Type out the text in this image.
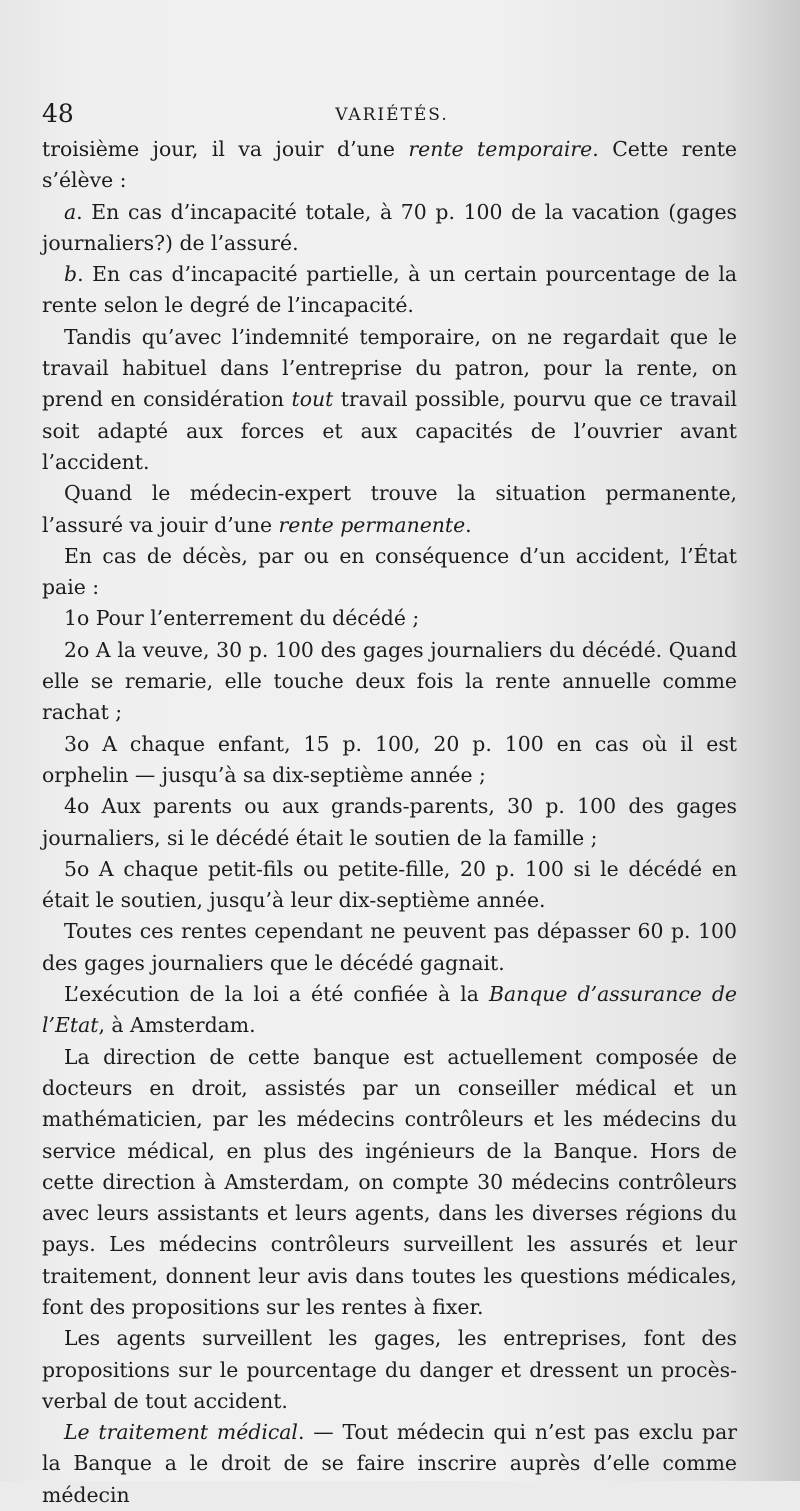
48	VARIÉTÉS.

troisième jour, il va jouir d’une rente temporaire. Cette rente s’élève :

a. En cas d’incapacité totale, à 70 p. 100 de la vacation (gages journaliers?) de l’assuré.

b. En cas d’incapacité partielle, à un certain pourcentage de la rente selon le degré de l’incapacité.

Tandis qu’avec l’indemnité temporaire, on ne regardait que le travail habituel dans l’entreprise du patron, pour la rente, on prend en considération tout travail possible, pourvu que ce travail soit adapté aux forces et aux capacités de l’ouvrier avant l’accident.

Quand le médecin-expert trouve la situation permanente, l’assuré va jouir d’une rente permanente.

En cas de décès, par ou en conséquence d’un accident, l’État paie :

1o Pour l’enterrement du décédé ;

2o A la veuve, 30 p. 100 des gages journaliers du décédé. Quand elle se remarie, elle touche deux fois la rente annuelle comme rachat ;

3o A chaque enfant, 15 p. 100, 20 p. 100 en cas où il est orphelin — jusqu’à sa dix-septième année ;

4o Aux parents ou aux grands-parents, 30 p. 100 des gages journaliers, si le décédé était le soutien de la famille ;

5o A chaque petit-fils ou petite-fille, 20 p. 100 si le décédé en était le soutien, jusqu’à leur dix-septième année.

Toutes ces rentes cependant ne peuvent pas dépasser 60 p. 100 des gages journaliers que le décédé gagnait.

L’exécution de la loi a été confiée à la Banque d’assurance de l’Etat, à Amsterdam.

La direction de cette banque est actuellement composée de docteurs en droit, assistés par un conseiller médical et un mathématicien, par les médecins contrôleurs et les médecins du service médical, en plus des ingénieurs de la Banque. Hors de cette direction à Amsterdam, on compte 30 médecins contrôleurs avec leurs assistants et leurs agents, dans les diverses régions du pays. Les médecins contrôleurs surveillent les assurés et leur traitement, donnent leur avis dans toutes les questions médicales, font des propositions sur les rentes à fixer.

Les agents surveillent les gages, les entreprises, font des propositions sur le pourcentage du danger et dressent un procès-verbal de tout accident.

Le traitement médical. — Tout médecin qui n’est pas exclu par la Banque a le droit de se faire inscrire auprès d’elle comme médecin
